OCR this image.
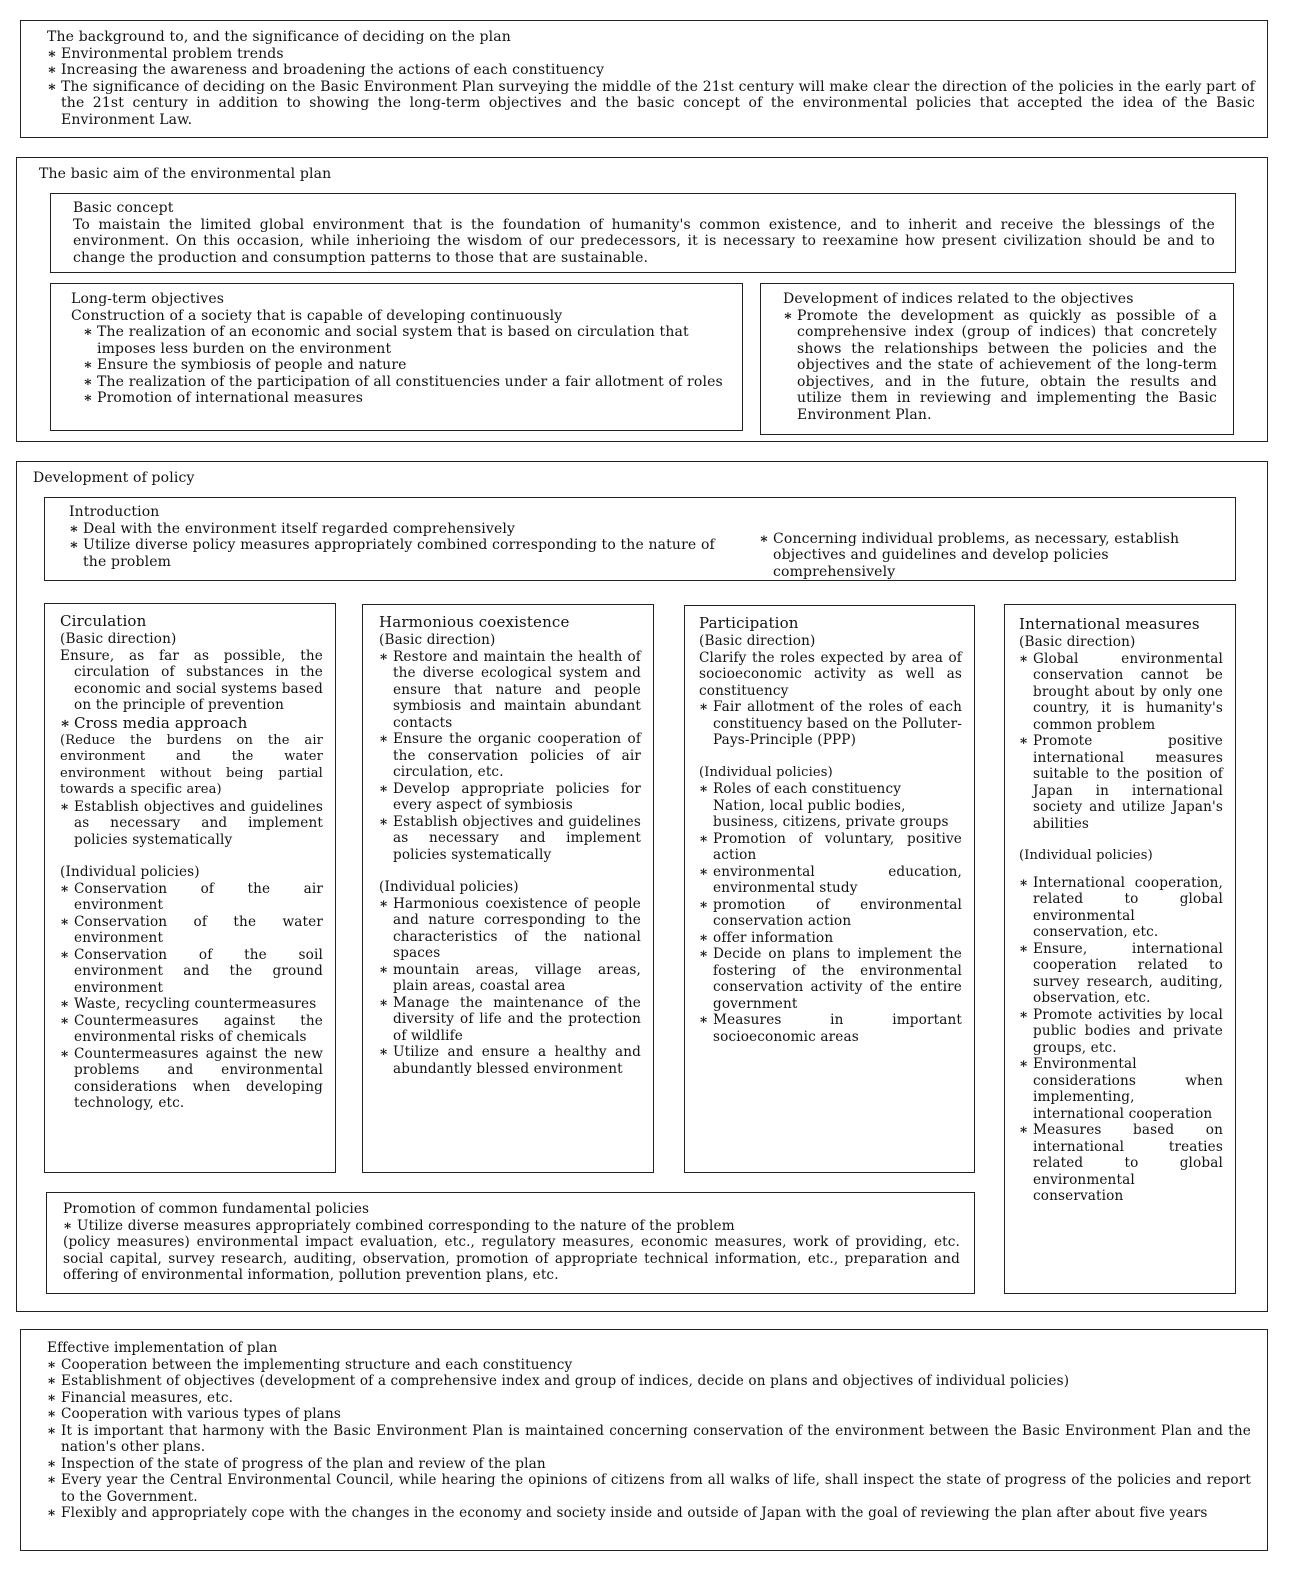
The background to, and the significance of deciding on the plan
∗ Environmental problem trends
∗ Increasing the awareness and broadening the actions of each constituency
∗ The significance of deciding on the Basic Environment Plan surveying the middle of the 21st century will make clear the direction of the policies in the early part of the 21st century in addition to showing the long-term objectives and the basic concept of the environmental policies that accepted the idea of the Basic Environment Law.
The basic aim of the environmental plan
Basic concept
To maistain the limited global environment that is the foundation of humanity's common existence, and to inherit and receive the blessings of the environment. On this occasion, while inherioing the wisdom of our predecessors, it is necessary to reexamine how present civilization should be and to change the production and consumption patterns to those that are sustainable.
Long-term objectives
Construction of a society that is capable of developing continuously
∗ The realization of an economic and social system that is based on circulation that imposes less burden on the environment
∗ Ensure the symbiosis of people and nature
∗ The realization of the participation of all constituencies under a fair allotment of roles
∗ Promotion of international measures
Development of indices related to the objectives
∗ Promote the development as quickly as possible of a comprehensive index (group of indices) that concretely shows the relationships between the policies and the objectives and the state of achievement of the long-term objectives, and in the future, obtain the results and utilize them in reviewing and implementing the Basic Environment Plan.
Development of policy
Introduction
∗ Deal with the environment itself regarded comprehensively
∗ Utilize diverse policy measures appropriately combined corresponding to the nature of the problem
∗ Concerning individual problems, as necessary, establish objectives and guidelines and develop policies comprehensively
Circulation
(Basic direction)
Ensure, as far as possible, the circulation of substances in the economic and social systems based on the principle of prevention
∗ Cross media approach
(Reduce the burdens on the air environment and the water environment without being partial towards a specific area)
∗ Establish objectives and guidelines as necessary and implement policies systematically
(Individual policies)
∗ Conservation of the air environment
∗ Conservation of the water environment
∗ Conservation of the soil environment and the ground environment
∗ Waste, recycling countermeasures
∗ Countermeasures against the environmental risks of chemicals
∗ Countermeasures against the new problems and environmental considerations when developing technology, etc.
Harmonious coexistence
(Basic direction)
∗ Restore and maintain the health of the diverse ecological system and ensure that nature and people symbiosis and maintain abundant contacts
∗ Ensure the organic cooperation of the conservation policies of air circulation, etc.
∗ Develop appropriate policies for every aspect of symbiosis
∗ Establish objectives and guidelines as necessary and implement policies systematically
(Individual policies)
∗ Harmonious coexistence of people and nature corresponding to the characteristics of the national spaces
∗ mountain areas, village areas, plain areas, coastal area
∗ Manage the maintenance of the diversity of life and the protection of wildlife
∗ Utilize and ensure a healthy and abundantly blessed environment
Participation
(Basic direction)
Clarify the roles expected by area of socioeconomic activity as well as constituency
∗ Fair allotment of the roles of each constituency based on the Polluter-Pays-Principle (PPP)
(Individual policies)
∗ Roles of each constituency
Nation, local public bodies, business, citizens, private groups
∗ Promotion of voluntary, positive action
∗ environmental education, environmental study
∗ promotion of environmental conservation action
∗ offer information
∗ Decide on plans to implement the fostering of the environmental conservation activity of the entire government
∗ Measures in important socioeconomic areas
International measures
(Basic direction)
∗ Global environmental conservation cannot be brought about by only one country, it is humanity's common problem
∗ Promote positive international measures suitable to the position of Japan in international society and utilize Japan's abilities
(Individual policies)
∗ International cooperation, related to global environmental conservation, etc.
∗ Ensure, international cooperation related to survey research, auditing, observation, etc.
∗ Promote activities by local public bodies and private groups, etc.
∗ Environmental considerations when implementing, international cooperation
∗ Measures based on international treaties related to global environmental conservation
Promotion of common fundamental policies
∗ Utilize diverse measures appropriately combined corresponding to the nature of the problem
(policy measures) environmental impact evaluation, etc., regulatory measures, economic measures, work of providing, etc. social capital, survey research, auditing, observation, promotion of appropriate technical information, etc., preparation and offering of environmental information, pollution prevention plans, etc.
Effective implementation of plan
∗ Cooperation between the implementing structure and each constituency
∗ Establishment of objectives (development of a comprehensive index and group of indices, decide on plans and objectives of individual policies)
∗ Financial measures, etc.
∗ Cooperation with various types of plans
∗ It is important that harmony with the Basic Environment Plan is maintained concerning conservation of the environment between the Basic Environment Plan and the nation's other plans.
∗ Inspection of the state of progress of the plan and review of the plan
∗ Every year the Central Environmental Council, while hearing the opinions of citizens from all walks of life, shall inspect the state of progress of the policies and report to the Government.
∗ Flexibly and appropriately cope with the changes in the economy and society inside and outside of Japan with the goal of reviewing the plan after about five years
